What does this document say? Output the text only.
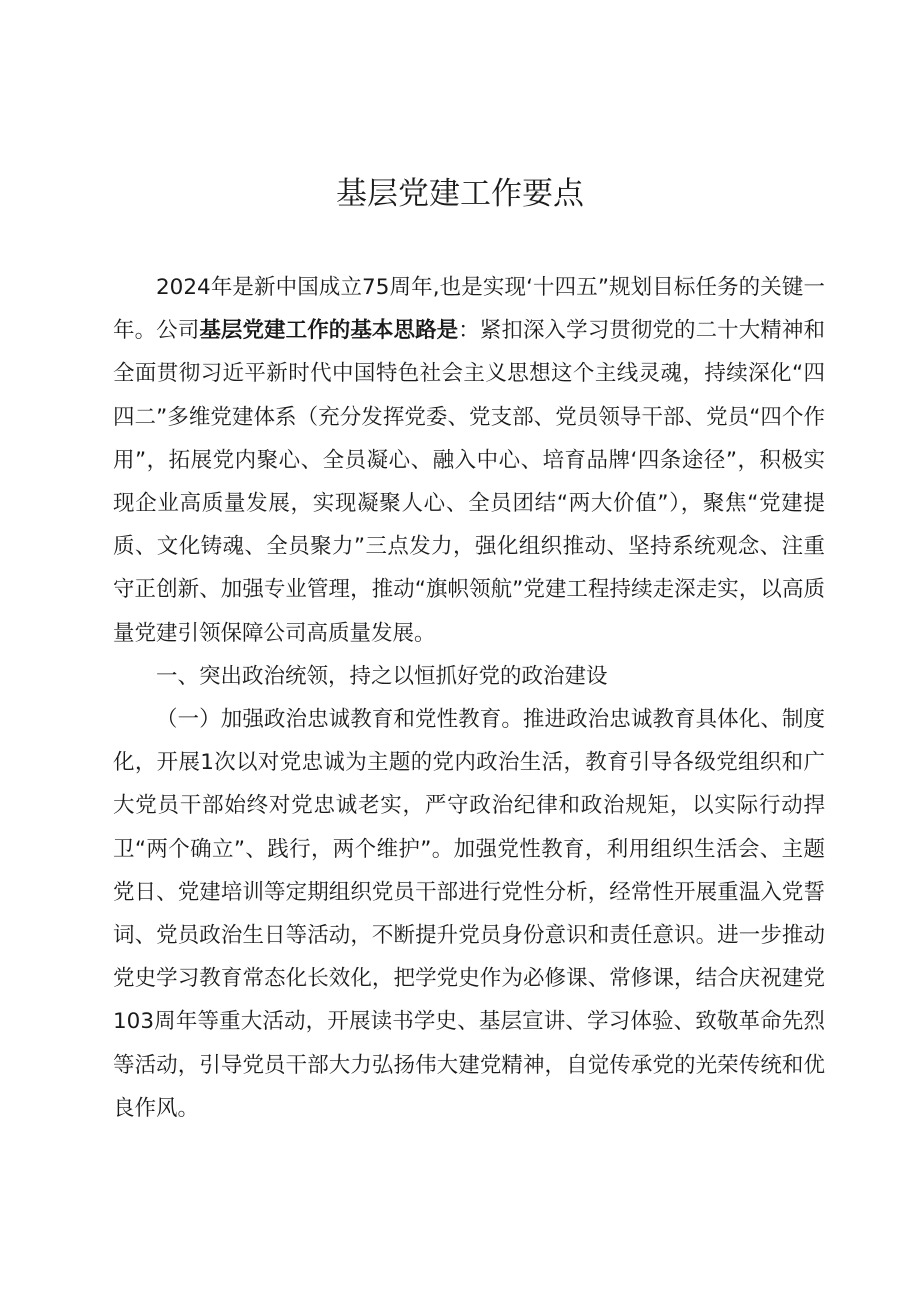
基层党建工作要点

2024年是新中国成立75周年,也是实现‘十四五”规划目标任务的关键一年。公司基层党建工作的基本思路是：紧扣深入学习贯彻党的二十大精神和全面贯彻习近平新时代中国特色社会主义思想这个主线灵魂，持续深化“四四二”多维党建体系（充分发挥党委、党支部、党员领导干部、党员“四个作用”，拓展党内聚心、全员凝心、融入中心、培育品牌‘四条途径”，积极实现企业高质量发展，实现凝聚人心、全员团结“两大价值”），聚焦“党建提质、文化铸魂、全员聚力”三点发力，强化组织推动、坚持系统观念、注重守正创新、加强专业管理，推动“旗帜领航”党建工程持续走深走实，以高质量党建引领保障公司高质量发展。

一、突出政治统领，持之以恒抓好党的政治建设

（一）加强政治忠诚教育和党性教育。推进政治忠诚教育具体化、制度化，开展1次以对党忠诚为主题的党内政治生活，教育引导各级党组织和广大党员干部始终对党忠诚老实，严守政治纪律和政治规矩，以实际行动捍卫“两个确立”、践行，两个维护”。加强党性教育，利用组织生活会、主题党日、党建培训等定期组织党员干部进行党性分析，经常性开展重温入党誓词、党员政治生日等活动，不断提升党员身份意识和责任意识。进一步推动党史学习教育常态化长效化，把学党史作为必修课、常修课，结合庆祝建党103周年等重大活动，开展读书学史、基层宣讲、学习体验、致敬革命先烈等活动，引导党员干部大力弘扬伟大建党精神，自觉传承党的光荣传统和优良作风。
